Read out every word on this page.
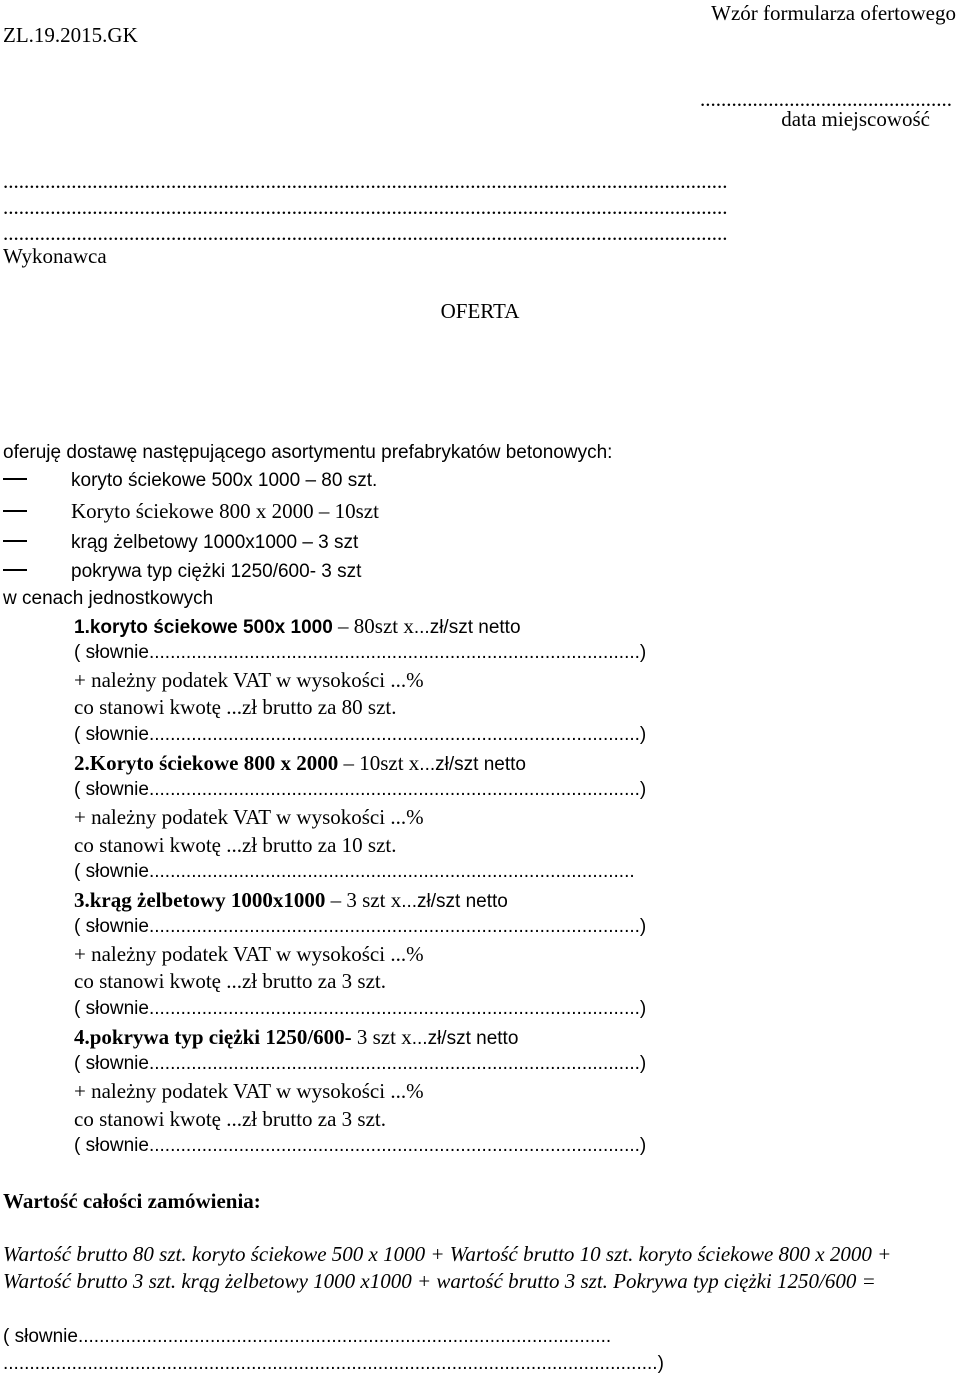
ZL.19.2015.GK
Wzór formularza ofertowego
................................................
data miejscowość
..........................................................................................................................................
..........................................................................................................................................
..........................................................................................................................................
Wykonawca
OFERTA
oferuję dostawę następującego asortymentu prefabrykatów betonowych:
koryto ściekowe 500x 1000 – 80 szt.
Koryto ściekowe 800 x 2000 – 10szt
krąg żelbetowy 1000x1000 – 3 szt
pokrywa typ ciężki 1250/600- 3 szt
w cenach jednostkowych
1.koryto ściekowe 500x 1000 – 80szt x...zł/szt netto
( słownie.............................................................................................)
+ należny podatek VAT w wysokości ...%
co stanowi kwotę ...zł brutto za 80 szt.
( słownie.............................................................................................)
2.Koryto ściekowe 800 x 2000 – 10szt x...zł/szt netto
( słownie.............................................................................................)
+ należny podatek VAT w wysokości ...%
co stanowi kwotę ...zł brutto za 10 szt.
( słownie............................................................................................
3.krąg żelbetowy 1000x1000 – 3 szt x...zł/szt netto
( słownie.............................................................................................)
+ należny podatek VAT w wysokości ...%
co stanowi kwotę ...zł brutto za 3 szt.
( słownie.............................................................................................)
4.pokrywa typ ciężki 1250/600- 3 szt x...zł/szt netto
( słownie.............................................................................................)
+ należny podatek VAT w wysokości ...%
co stanowi kwotę ...zł brutto za 3 szt.
( słownie.............................................................................................)
Wartość całości zamówienia:
Wartość brutto 80 szt. koryto ściekowe 500 x 1000 + Wartość brutto 10 szt. koryto ściekowe 800 x 2000 + Wartość brutto 3 szt. krąg żelbetowy 1000 x1000 + wartość brutto 3 szt. Pokrywa typ ciężki 1250/600 =
( słownie.....................................................................................................
............................................................................................................................)
